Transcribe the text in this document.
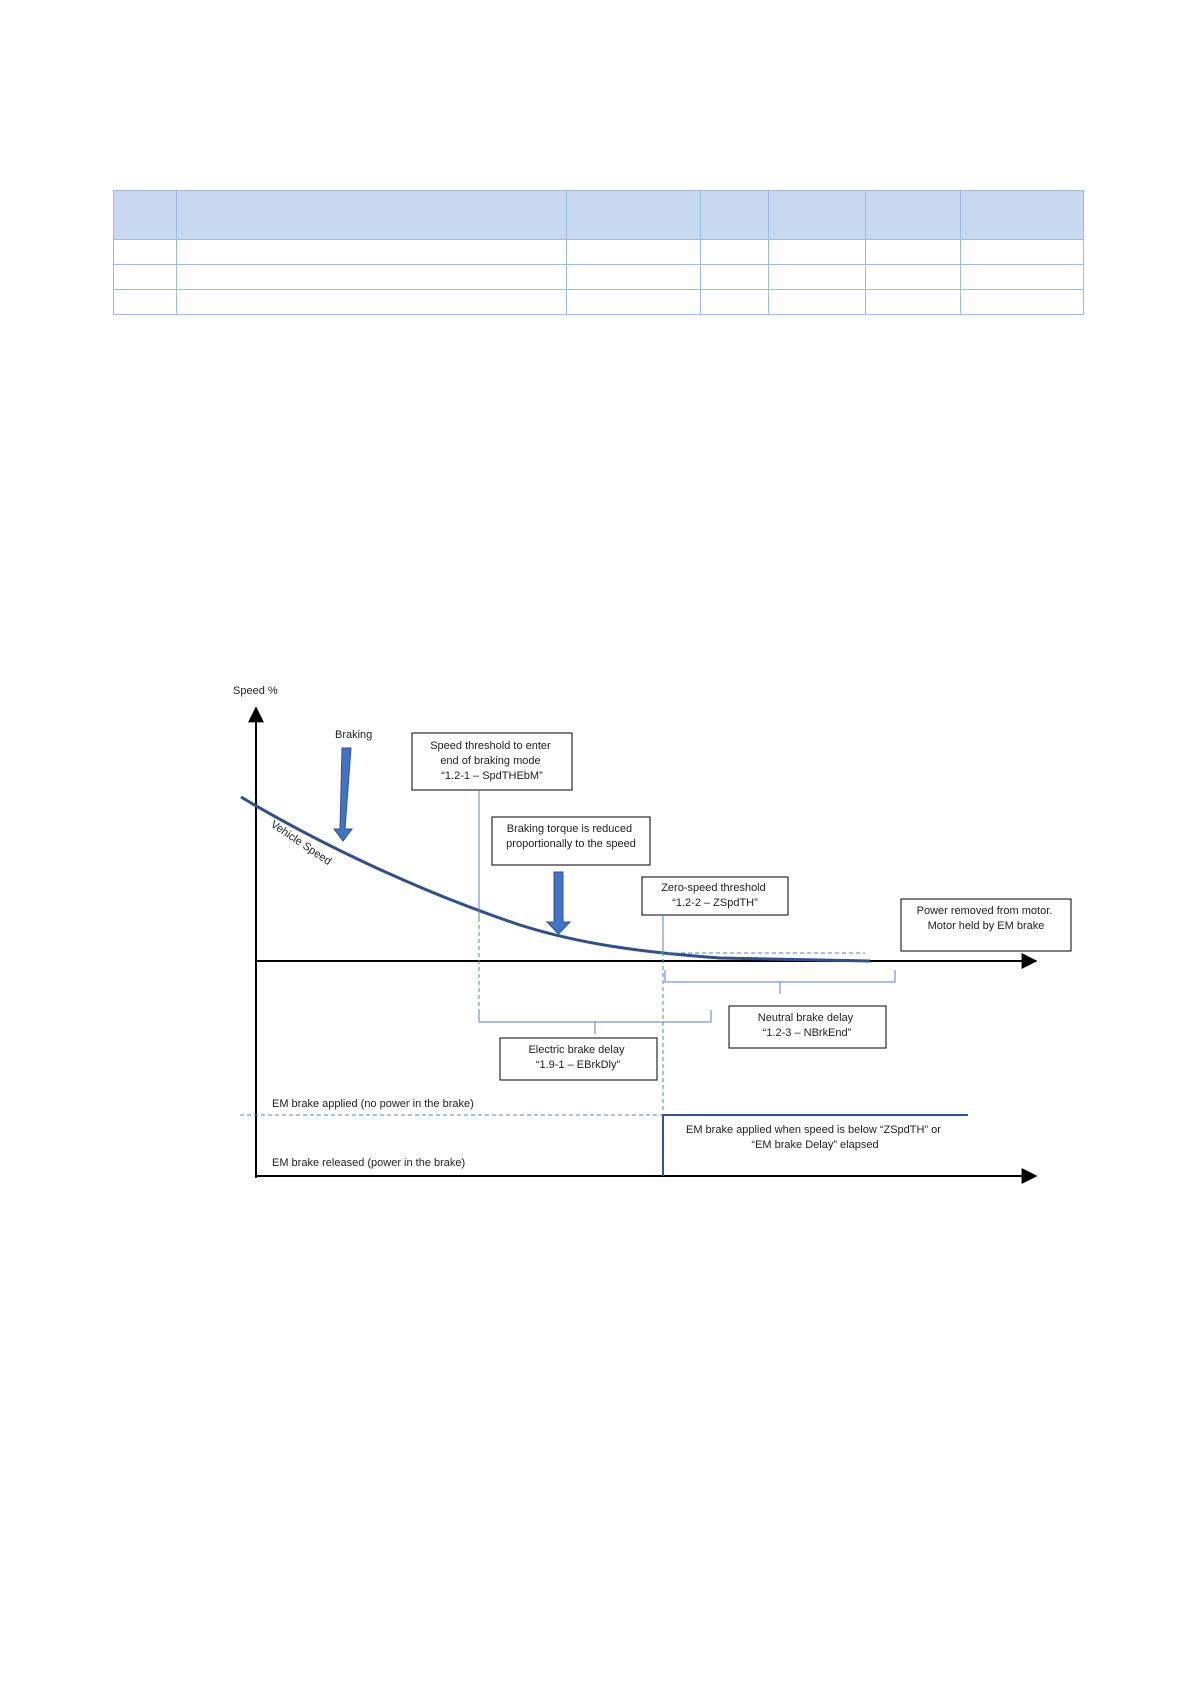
Speed %
Braking
Vehicle Speed
Speed threshold to enter end of braking mode “1.2-1 – SpdTHEbM”
Braking torque is reduced proportionally to the speed
Zero-speed threshold “1.2-2 – ZSpdTH”
Power removed from motor. Motor held by EM brake
Neutral brake delay “1.2-3 – NBrkEnd”
Electric brake delay “1.9-1 – EBrkDly”
EM brake applied (no power in the brake)
EM brake released (power in the brake)
EM brake applied when speed is below “ZSpdTH” or “EM brake Delay” elapsed
